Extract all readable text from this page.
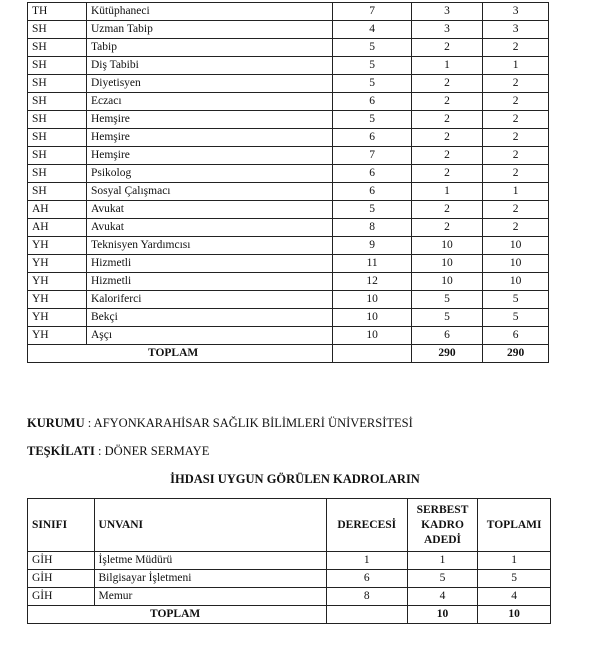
TH	Kütüphaneci	7	3	3
SH	Uzman Tabip	4	3	3
SH	Tabip	5	2	2
SH	Diş Tabibi	5	1	1
SH	Diyetisyen	5	2	2
SH	Eczacı	6	2	2
SH	Hemşire	5	2	2
SH	Hemşire	6	2	2
SH	Hemşire	7	2	2
SH	Psikolog	6	2	2
SH	Sosyal Çalışmacı	6	1	1
AH	Avukat	5	2	2
AH	Avukat	8	2	2
YH	Teknisyen Yardımcısı	9	10	10
YH	Hizmetli	11	10	10
YH	Hizmetli	12	10	10
YH	Kaloriferci	10	5	5
YH	Bekçi	10	5	5
YH	Aşçı	10	6	6
TOPLAM			290	290
KURUMU : AFYONKARAHİSAR SAĞLIK BİLİMLERİ ÜNİVERSİTESİ
TEŞKİLATI : DÖNER SERMAYE
İHDASI UYGUN GÖRÜLEN KADROLARIN
SINIFI	UNVANI	DERECESİ	SERBEST
KADRO
ADEDİ	TOPLAMI
GİH	İşletme Müdürü	1	1	1
GİH	Bilgisayar İşletmeni	6	5	5
GİH	Memur	8	4	4
TOPLAM			10	10
